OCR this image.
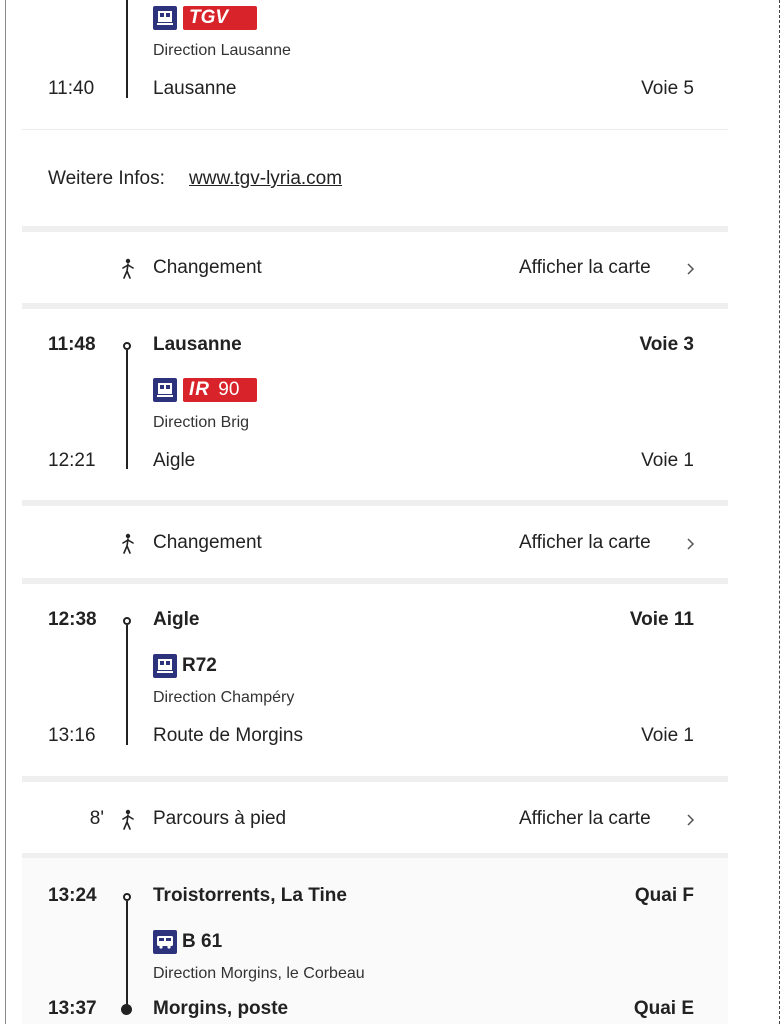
TGV
Direction Lausanne
11:40	Lausanne	Voie 5
Weitere Infos: www.tgv-lyria.com
Changement	Afficher la carte
11:48	Lausanne	Voie 3
IR 90
Direction Brig
12:21	Aigle	Voie 1
Changement	Afficher la carte
12:38	Aigle	Voie 11
R72
Direction Champéry
13:16	Route de Morgins	Voie 1
8'	Parcours à pied	Afficher la carte
13:24	Troistorrents, La Tine	Quai F
B 61
Direction Morgins, le Corbeau
13:37	Morgins, poste	Quai E
